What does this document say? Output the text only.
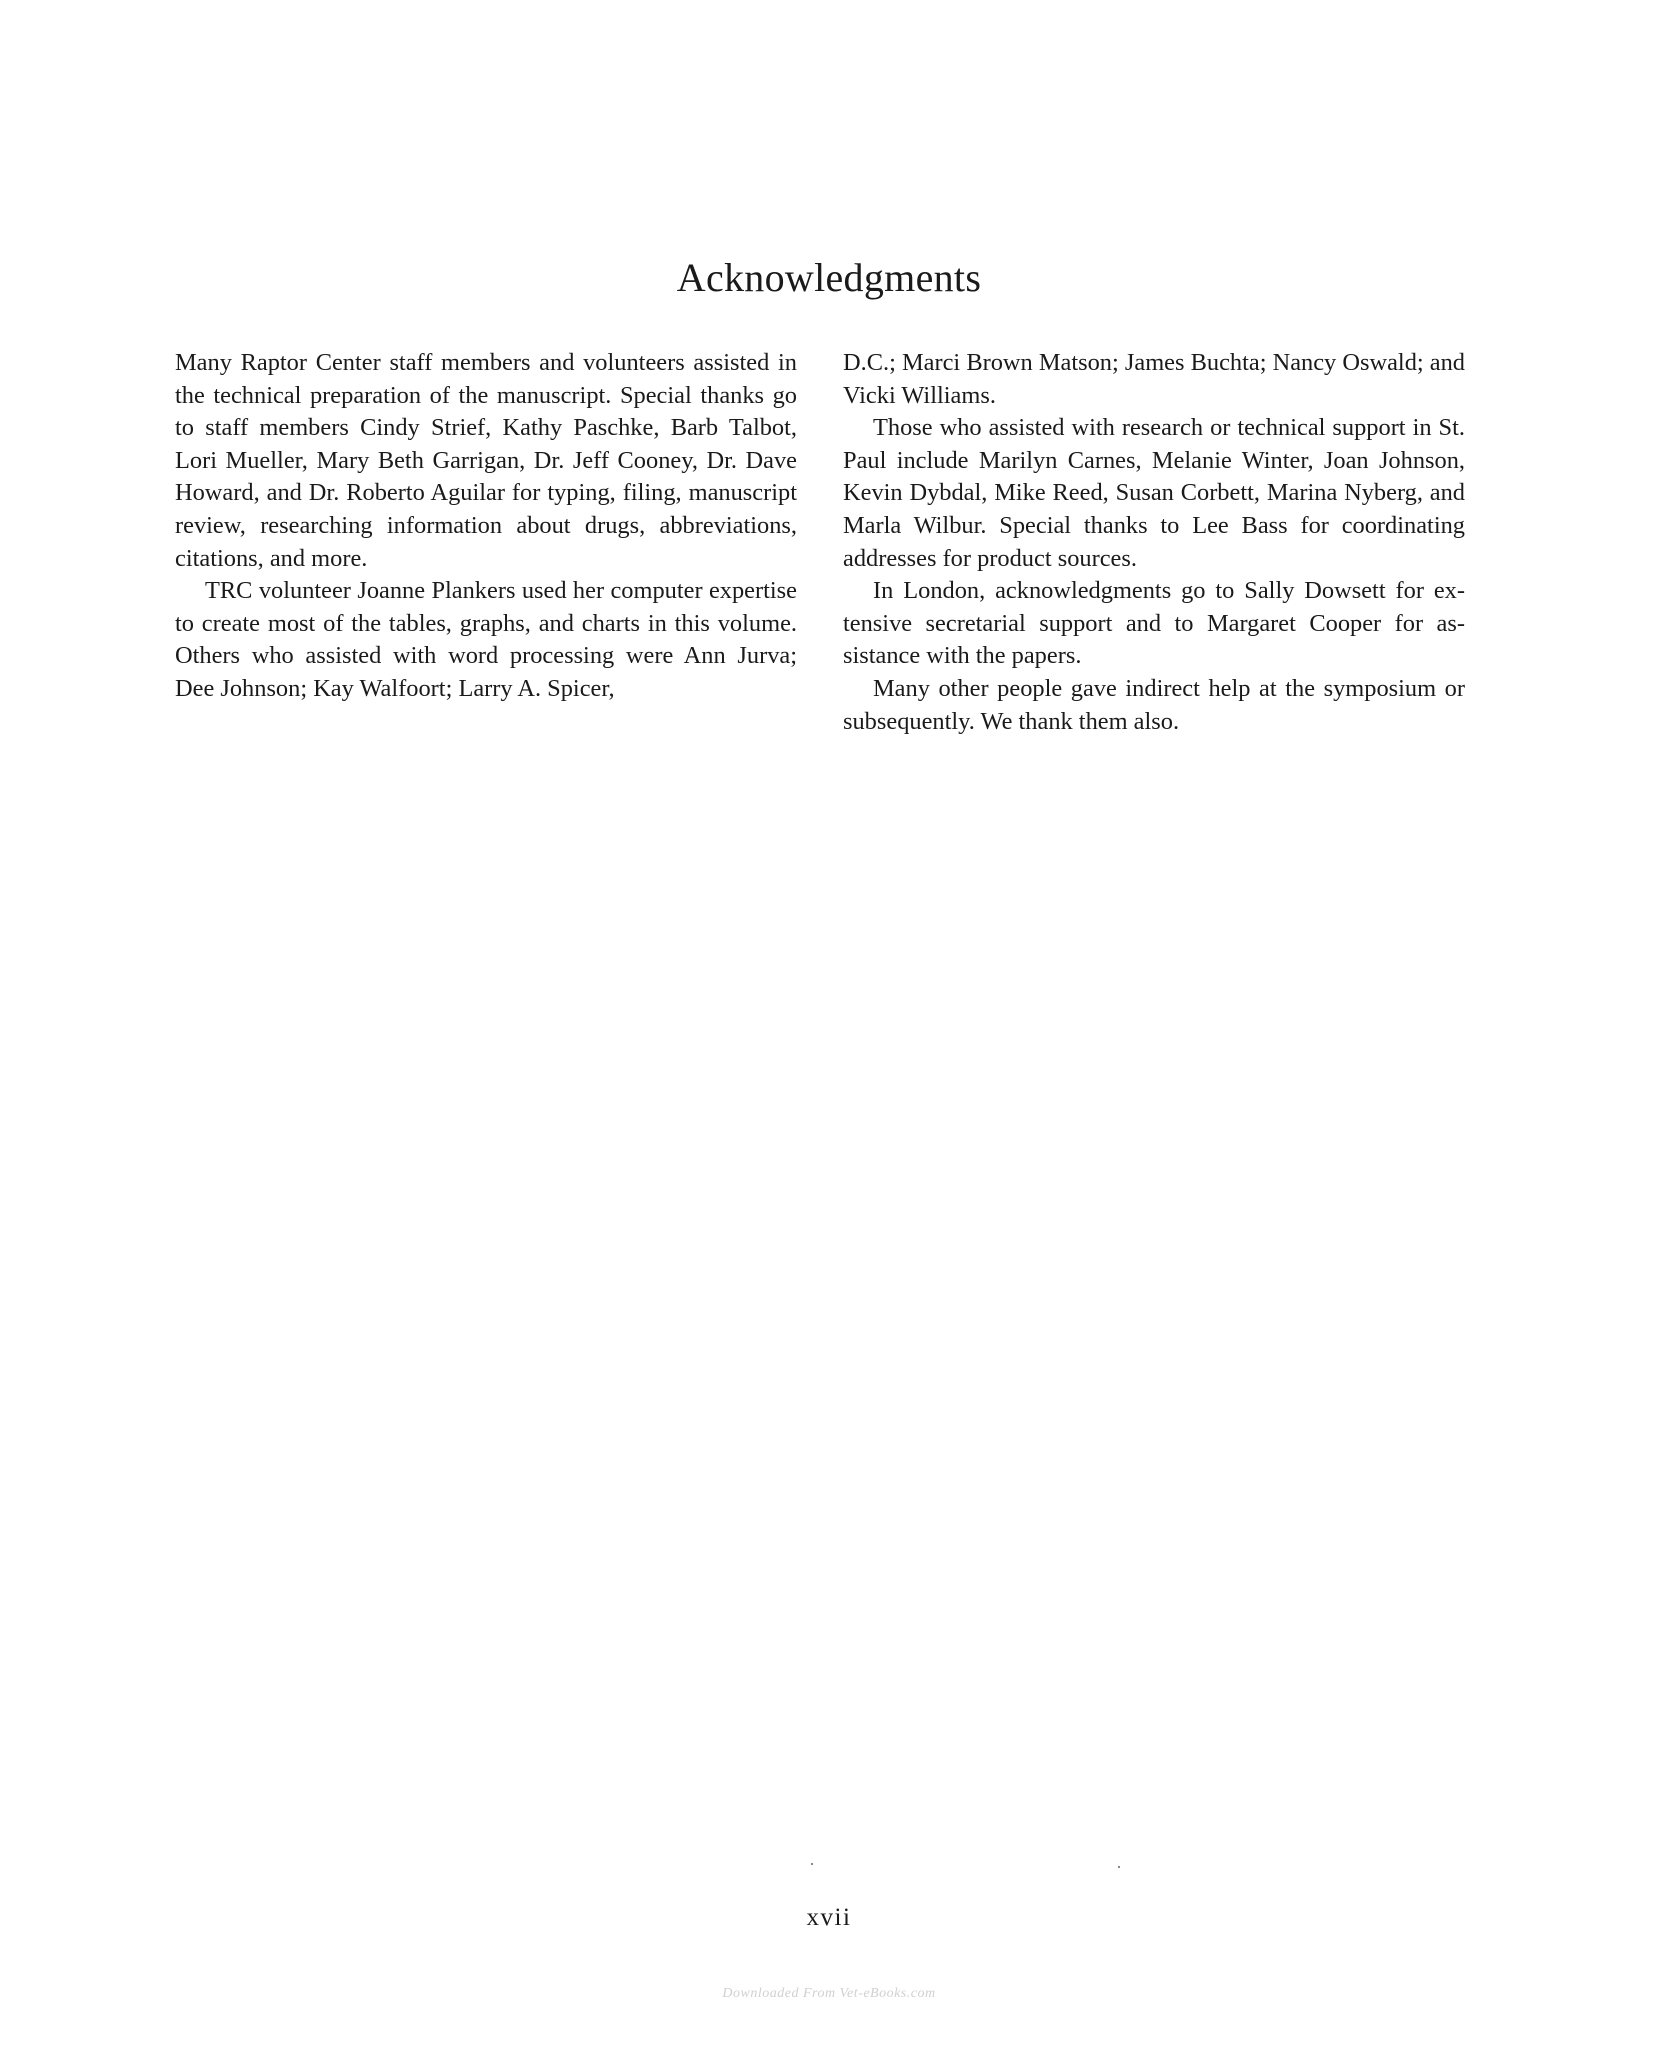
Acknowledgments

Many Raptor Center staff members and volunteers assisted in the technical preparation of the manuscript. Special thanks go to staff members Cindy Strief, Kathy Paschke, Barb Talbot, Lori Mueller, Mary Beth Garrigan, Dr. Jeff Cooney, Dr. Dave Howard, and Dr. Roberto Aguilar for typing, filing, manuscript review, researching information about drugs, abbreviations, citations, and more.

TRC volunteer Joanne Plankers used her computer expertise to create most of the tables, graphs, and charts in this volume. Others who assisted with word processing were Ann Jurva; Dee Johnson; Kay Walfoort; Larry A. Spicer,

D.C.; Marci Brown Matson; James Buchta; Nancy Oswald; and Vicki Williams.

Those who assisted with research or technical support in St. Paul include Marilyn Carnes, Melanie Winter, Joan Johnson, Kevin Dybdal, Mike Reed, Susan Corbett, Marina Nyberg, and Marla Wilbur. Special thanks to Lee Bass for coordinating addresses for product sources.

In London, acknowledgments go to Sally Dowsett for extensive secretarial support and to Margaret Cooper for assistance with the papers.

Many other people gave indirect help at the symposium or subsequently. We thank them also.

xvii
Downloaded From Vet-eBooks.com
